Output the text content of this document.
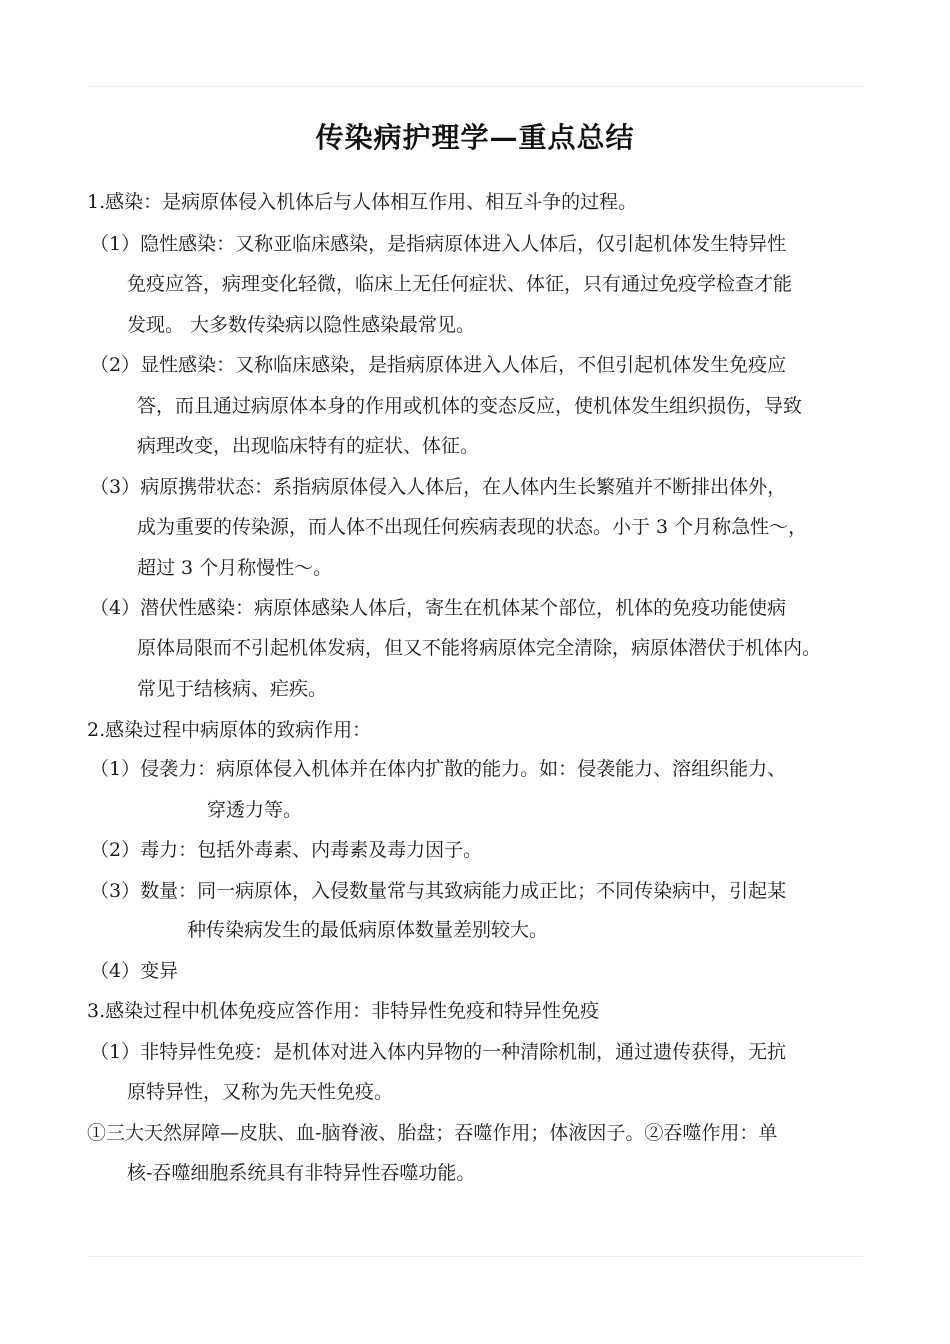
传染病护理学—重点总结
1.感染：是病原体侵入机体后与人体相互作用、相互斗争的过程。
（1）隐性感染：又称亚临床感染，是指病原体进入人体后，仅引起机体发生特异性
免疫应答，病理变化轻微，临床上无任何症状、体征，只有通过免疫学检查才能
发现。 大多数传染病以隐性感染最常见。
（2）显性感染：又称临床感染，是指病原体进入人体后，不但引起机体发生免疫应
答，而且通过病原体本身的作用或机体的变态反应，使机体发生组织损伤，导致
病理改变，出现临床特有的症状、体征。
（3）病原携带状态：系指病原体侵入人体后，在人体内生长繁殖并不断排出体外，
成为重要的传染源，而人体不出现任何疾病表现的状态。小于 3 个月称急性～，
超过 3 个月称慢性～。
（4）潜伏性感染：病原体感染人体后，寄生在机体某个部位，机体的免疫功能使病
原体局限而不引起机体发病，但又不能将病原体完全清除，病原体潜伏于机体内。
常见于结核病、疟疾。
2.感染过程中病原体的致病作用：
（1）侵袭力：病原体侵入机体并在体内扩散的能力。如：侵袭能力、溶组织能力、
穿透力等。
（2）毒力：包括外毒素、内毒素及毒力因子。
（3）数量：同一病原体，入侵数量常与其致病能力成正比；不同传染病中，引起某
种传染病发生的最低病原体数量差别较大。
（4）变异
3.感染过程中机体免疫应答作用：非特异性免疫和特异性免疫
（1）非特异性免疫：是机体对进入体内异物的一种清除机制，通过遗传获得，无抗
原特异性，又称为先天性免疫。
①三大天然屏障—皮肤、血-脑脊液、胎盘；吞噬作用；体液因子。②吞噬作用：单
核-吞噬细胞系统具有非特异性吞噬功能。
